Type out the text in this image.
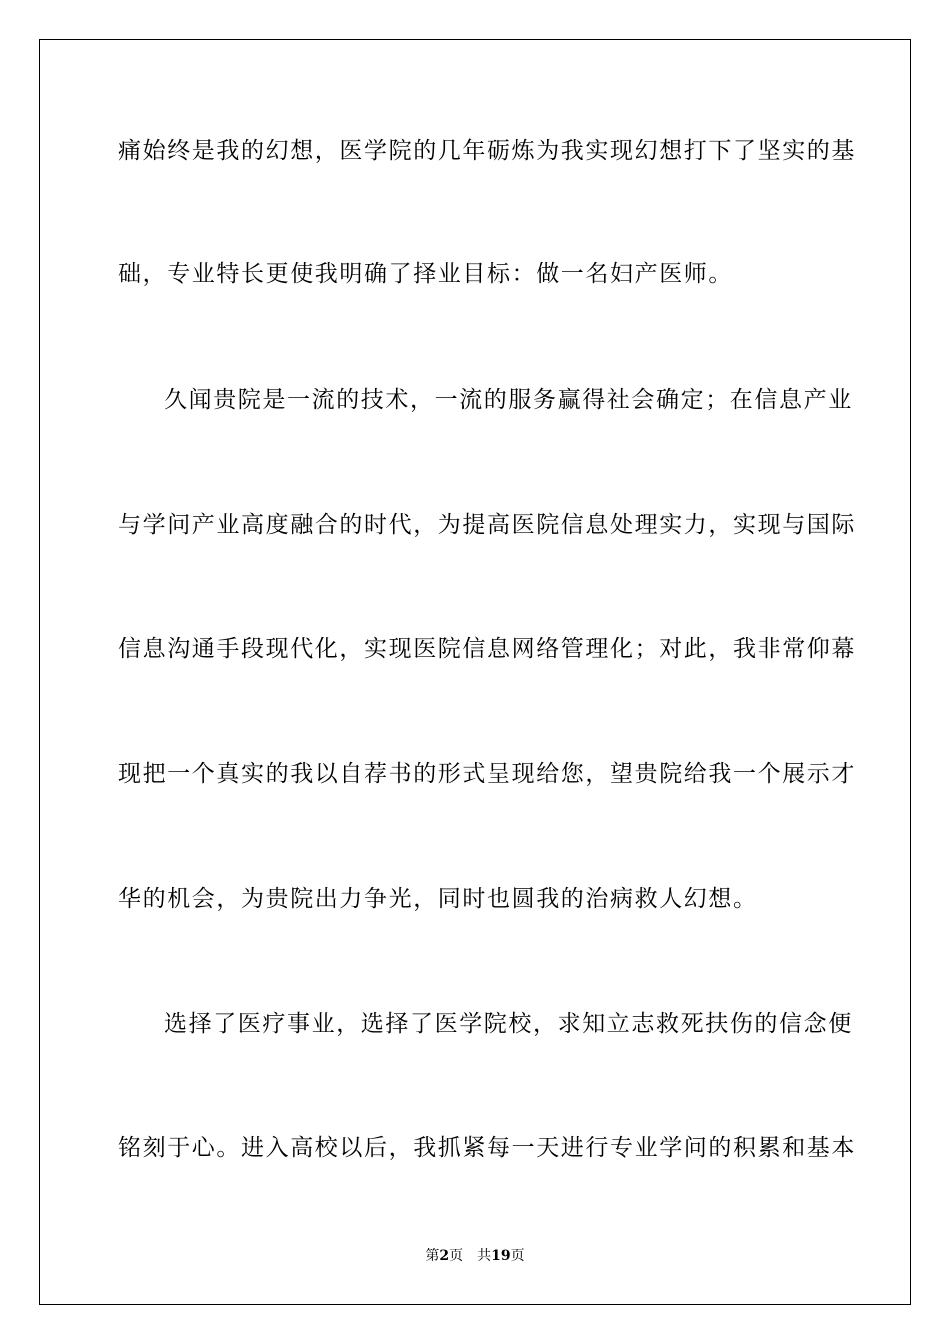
痛始终是我的幻想，医学院的几年砺炼为我实现幻想打下了坚实的基
础，专业特长更使我明确了择业目标：做一名妇产医师。
久闻贵院是一流的技术，一流的服务赢得社会确定；在信息产业
与学问产业高度融合的时代，为提高医院信息处理实力，实现与国际
信息沟通手段现代化，实现医院信息网络管理化；对此，我非常仰幕
现把一个真实的我以自荐书的形式呈现给您，望贵院给我一个展示才
华的机会，为贵院出力争光，同时也圆我的治病救人幻想。
选择了医疗事业，选择了医学院校，求知立志救死扶伤的信念便
铭刻于心。进入高校以后，我抓紧每一天进行专业学问的积累和基本
第2页 共19页
